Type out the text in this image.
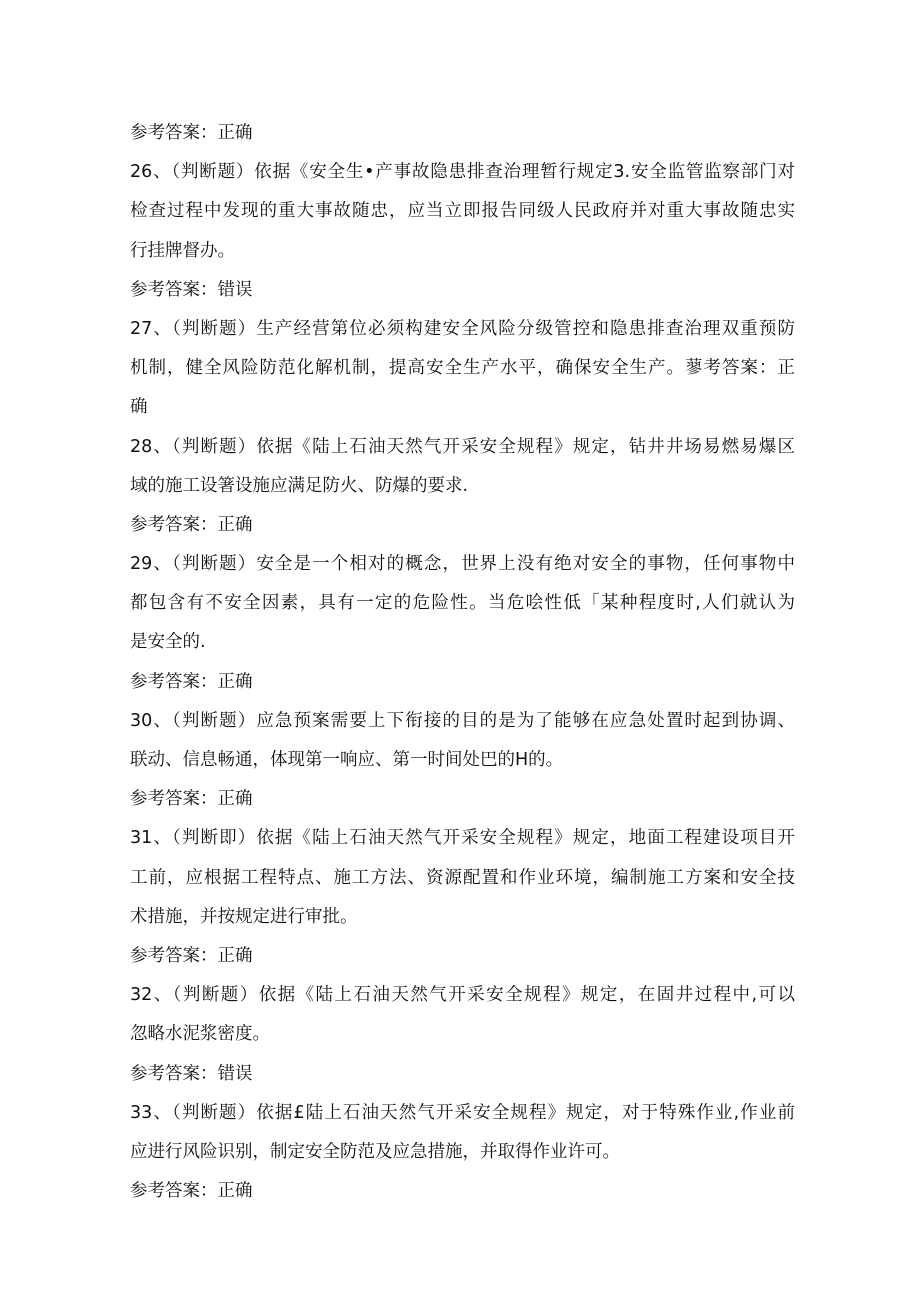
参考答案：正确
26、（判断题）依据《安全生•产事故隐患排查治理暂行规定3.安全监管监察部门对
检查过程中发现的重大事故随忠，应当立即报告同级人民政府并对重大事故随忠实
行挂牌督办。
参考答案：错误
27、（判断题）生产经营第位必须构建安全风险分级管控和隐患排查治理双重预防
机制，健全风险防范化解机制，提高安全生产水平，确保安全生产。蓼考答案：正
确
28、（判断题）依据《陆上石油天然气开采安全规程》规定，钻井井场易燃易爆区
域的施工设箸设施应满足防火、防爆的要求.
参考答案：正确
29、（判断题）安全是一个相对的概念，世界上没有绝对安全的事物，任何事物中
都包含有不安全因素，具有一定的危险性。当危哙性低「某种程度时,人们就认为
是安全的.
参考答案：正确
30、（判断题）应急预案需要上下衔接的目的是为了能够在应急处置时起到协调、
联动、信息畅通，体现第一响应、第一时间处巴的H的。
参考答案：正确
31、（判断即）依据《陆上石油天然气开采安全规程》规定，地面工程建设项目开
工前，应根据工程特点、施工方法、资源配置和作业环境，编制施工方案和安全技
术措施，并按规定进行审批。
参考答案：正确
32、（判断题）依据《陆上石油天然气开采安全规程》规定，在固井过程中,可以
忽略水泥浆密度。
参考答案：错误
33、（判断题）依据£陆上石油天然气开采安全规程》规定，对于特殊作业,作业前
应进行风险识别，制定安全防范及应急措施，并取得作业许可。
参考答案：正确
